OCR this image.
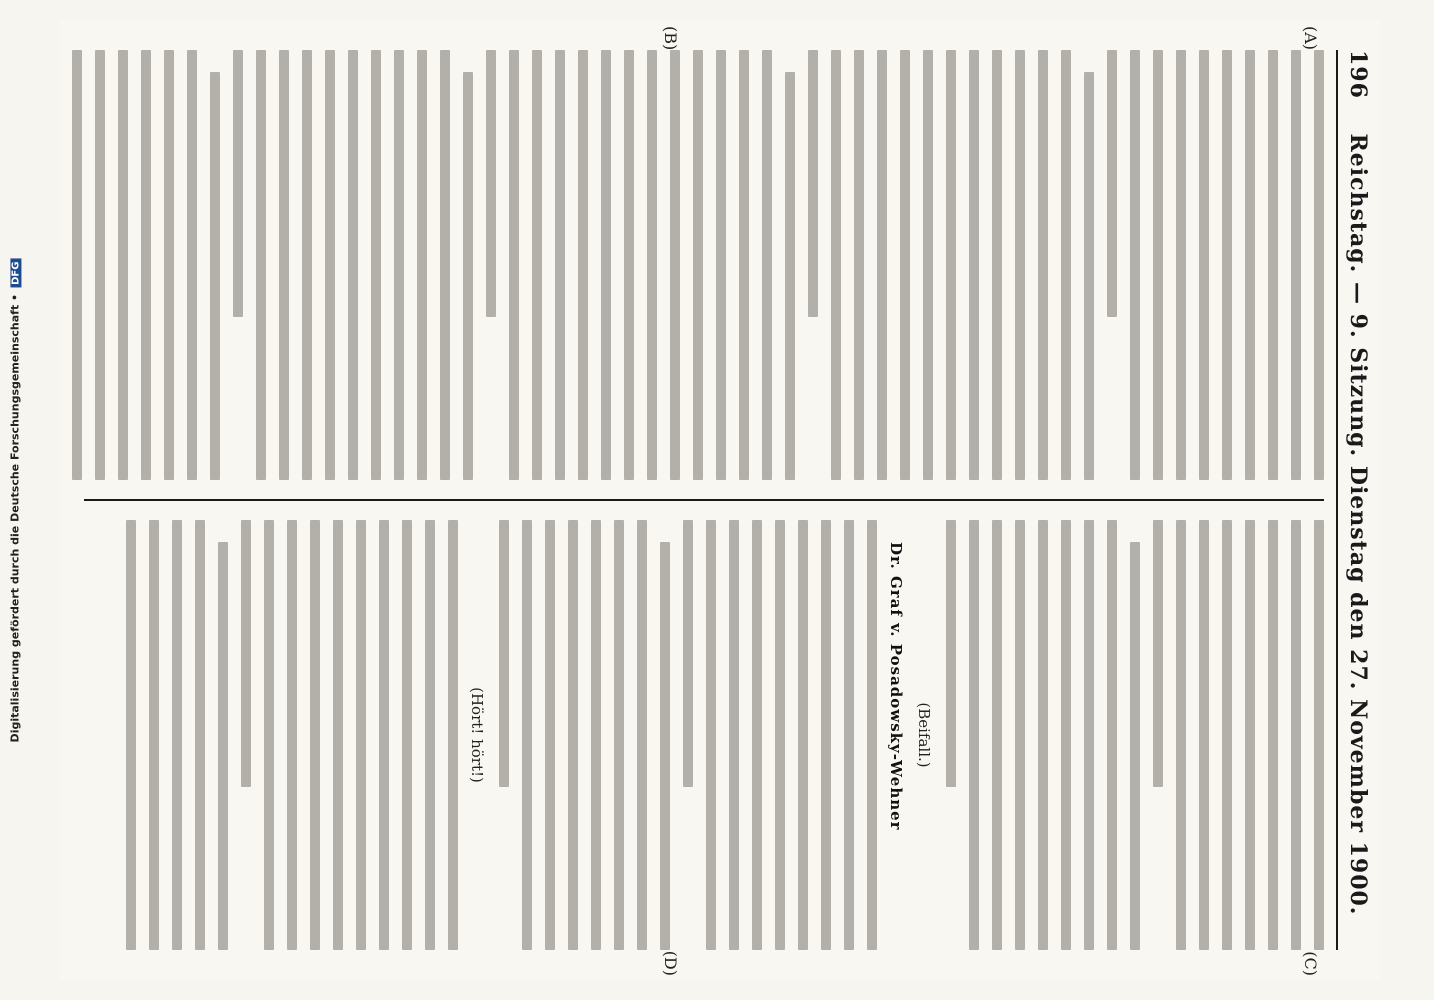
Digitalisierung gefördert durch die Deutsche Forschungsgemeinschaft •DFG
196
Reichstag. — 9. Sitzung. Dienstag den 27. November 1900.
(A)
(C)
(B)
(D)
(Beifall.)
Dr. Graf v. Posadowsky-Wehner
(Hört! hört!)
